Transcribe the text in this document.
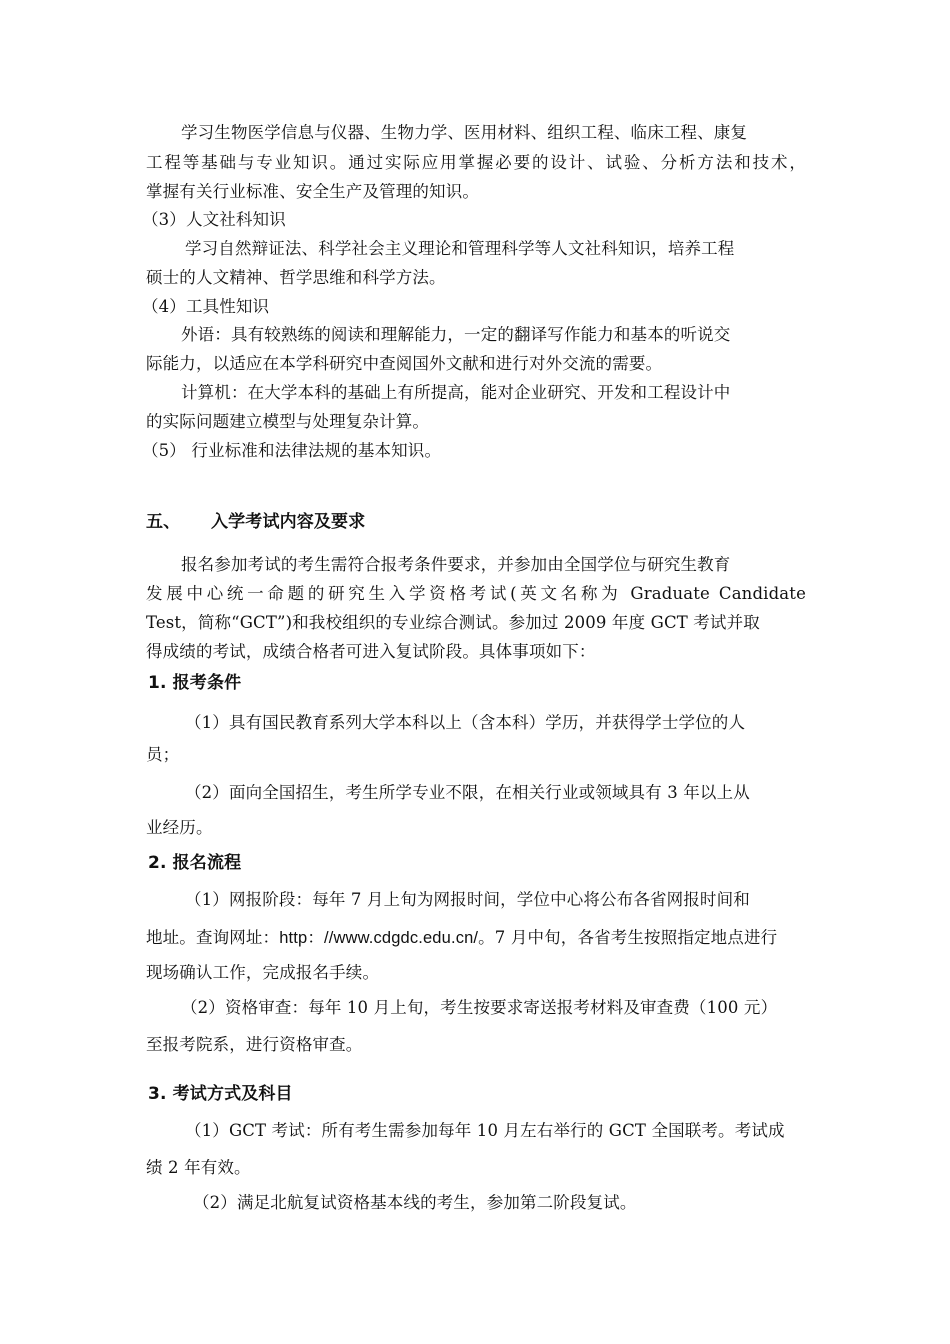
学习生物医学信息与仪器、生物力学、医用材料、组织工程、临床工程、康复
工程等基础与专业知识。通过实际应用掌握必要的设计、试验、分析方法和技术，
掌握有关行业标准、安全生产及管理的知识。
（3）人文社科知识
学习自然辩证法、科学社会主义理论和管理科学等人文社科知识，培养工程
硕士的人文精神、哲学思维和科学方法。
（4）工具性知识
外语：具有较熟练的阅读和理解能力，一定的翻译写作能力和基本的听说交
际能力，以适应在本学科研究中查阅国外文献和进行对外交流的需要。
计算机：在大学本科的基础上有所提高，能对企业研究、开发和工程设计中
的实际问题建立模型与处理复杂计算。
（5） 行业标准和法律法规的基本知识。
五、 入学考试内容及要求
报名参加考试的考生需符合报考条件要求，并参加由全国学位与研究生教育
发展中心统一命题的研究生入学资格考试(英文名称为 Graduate Candidate
Test，简称“GCT”)和我校组织的专业综合测试。参加过 2009 年度 GCT 考试并取
得成绩的考试，成绩合格者可进入复试阶段。具体事项如下：
1. 报考条件
（1）具有国民教育系列大学本科以上（含本科）学历，并获得学士学位的人
员；
（2）面向全国招生，考生所学专业不限，在相关行业或领域具有 3 年以上从
业经历。
2. 报名流程
（1）网报阶段：每年 7 月上旬为网报时间，学位中心将公布各省网报时间和
地址。查询网址：http：//www.cdgdc.edu.cn/。7 月中旬，各省考生按照指定地点进行
现场确认工作，完成报名手续。
（2）资格审查：每年 10 月上旬，考生按要求寄送报考材料及审查费（100 元）
至报考院系，进行资格审查。
3. 考试方式及科目
（1）GCT 考试：所有考生需参加每年 10 月左右举行的 GCT 全国联考。考试成
绩 2 年有效。
（2）满足北航复试资格基本线的考生，参加第二阶段复试。
